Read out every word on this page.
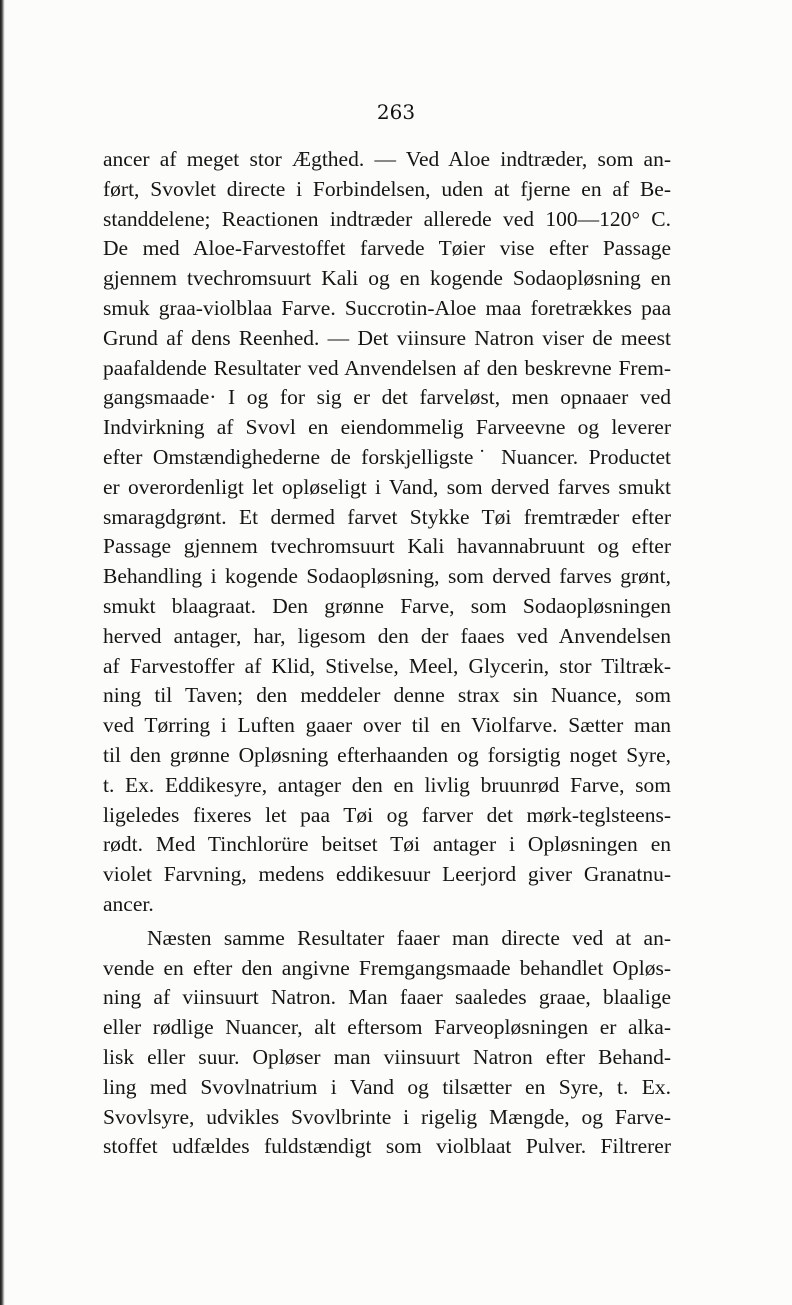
263
ancer af meget stor Ægthed. — Ved Aloe indtræder, som an-
ført, Svovlet directe i Forbindelsen, uden at fjerne en af Be-
standdelene; Reactionen indtræder allerede ved 100—120° C.
De med Aloe-Farvestoffet farvede Tøier vise efter Passage
gjennem tvechromsuurt Kali og en kogende Sodaopløsning en
smuk graa-violblaa Farve. Succrotin-Aloe maa foretrækkes paa
Grund af dens Reenhed. — Det viinsure Natron viser de meest
paafaldende Resultater ved Anvendelsen af den beskrevne Frem-
gangsmaade· I og for sig er det farveløst, men opnaaer ved
Indvirkning af Svovl en eiendommelig Farveevne og leverer
efter Omstændighederne de forskjelligste˙ Nuancer. Productet
er overordenligt let opløseligt i Vand, som derved farves smukt
smaragdgrønt. Et dermed farvet Stykke Tøi fremtræder efter
Passage gjennem tvechromsuurt Kali havannabruunt og efter
Behandling i kogende Sodaopløsning, som derved farves grønt,
smukt blaagraat. Den grønne Farve, som Sodaopløsningen
herved antager, har, ligesom den der faaes ved Anvendelsen
af Farvestoffer af Klid, Stivelse, Meel, Glycerin, stor Tiltræk-
ning til Taven; den meddeler denne strax sin Nuance, som
ved Tørring i Luften gaaer over til en Violfarve. Sætter man
til den grønne Opløsning efterhaanden og forsigtig noget Syre,
t. Ex. Eddikesyre, antager den en livlig bruunrød Farve, som
ligeledes fixeres let paa Tøi og farver det mørk-teglsteens-
rødt. Med Tinchlorüre beitset Tøi antager i Opløsningen en
violet Farvning, medens eddikesuur Leerjord giver Granatnu-
ancer.
Næsten samme Resultater faaer man directe ved at an-
vende en efter den angivne Fremgangsmaade behandlet Opløs-
ning af viinsuurt Natron. Man faaer saaledes graae, blaalige
eller rødlige Nuancer, alt eftersom Farveopløsningen er alka-
lisk eller suur. Opløser man viinsuurt Natron efter Behand-
ling med Svovlnatrium i Vand og tilsætter en Syre, t. Ex.
Svovlsyre, udvikles Svovlbrinte i rigelig Mængde, og Farve-
stoffet udfældes fuldstændigt som violblaat Pulver. Filtrerer
